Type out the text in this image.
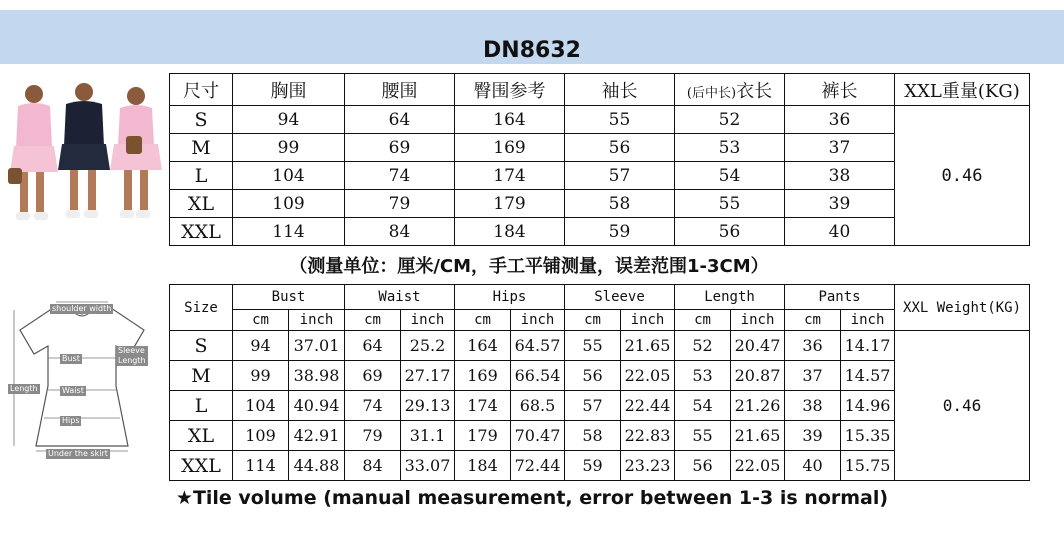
DN8632
尺寸	胸围	腰围	臀围参考	袖长	(后中长)衣长	裤长	XXL重量(KG)
S	94	64	164	55	52	36	0.46
M	99	69	169	56	53	37	
L	104	74	174	57	54	38	
XL	109	79	179	58	55	39	
XXL	114	84	184	59	56	40	
（测量单位：厘米/CM，手工平铺测量，误差范围1-3CM）
shoulder width
Sleeve Length
Bust
Length	Waist
Hips
Under the skirt
Size	Bust		Waist		Hips		Sleeve		Length		Pants		XXL Weight(KG)
	cm	inch	cm	inch	cm	inch	cm	inch	cm	inch	cm	inch	
S	94	37.01	64	25.2	164	64.57	55	21.65	52	20.47	36	14.17	0.46
M	99	38.98	69	27.17	169	66.54	56	22.05	53	20.87	37	14.57	
L	104	40.94	74	29.13	174	68.5	57	22.44	54	21.26	38	14.96	
XL	109	42.91	79	31.1	179	70.47	58	22.83	55	21.65	39	15.35	
XXL	114	44.88	84	33.07	184	72.44	59	23.23	56	22.05	40	15.75	
★Tile volume (manual measurement, error between 1-3 is normal)
